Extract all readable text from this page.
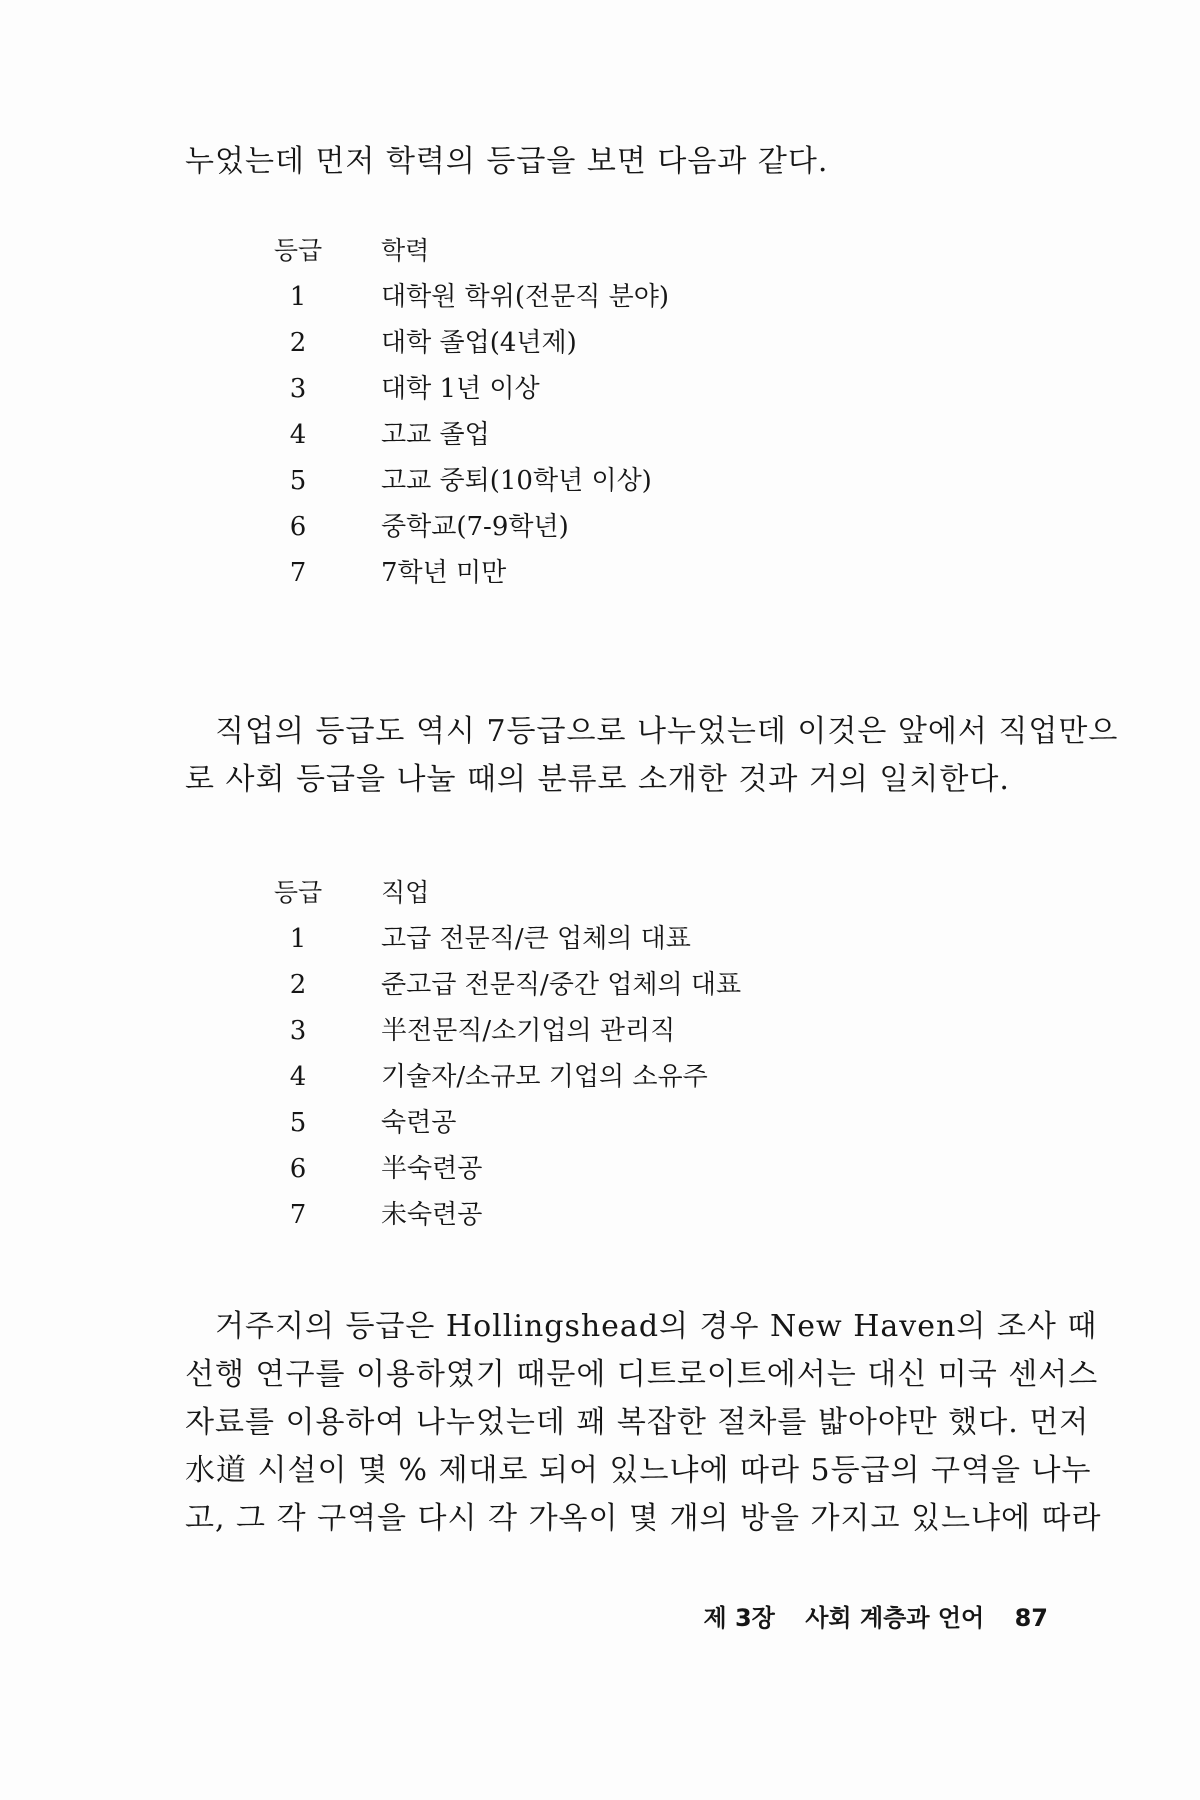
누었는데 먼저 학력의 등급을 보면 다음과 같다.

등급 학력
1	대학원 학위(전문직 분야)
2	대학 졸업(4년제)
3	대학 1년 이상
4	고교 졸업
5	고교 중퇴(10학년 이상)
6	중학교(7-9학년)
7	7학년 미만

직업의 등급도 역시 7등급으로 나누었는데 이것은 앞에서 직업만으
로 사회 등급을 나눌 때의 분류로 소개한 것과 거의 일치한다.

등급 직업
1	고급 전문직/큰 업체의 대표
2	준고급 전문직/중간 업체의 대표
3	半전문직/소기업의 관리직
4	기술자/소규모 기업의 소유주
5	숙련공
6	半숙련공
7	未숙련공

거주지의 등급은 Hollingshead의 경우 New Haven의 조사 때
선행 연구를 이용하였기 때문에 디트로이트에서는 대신 미국 센서스
자료를 이용하여 나누었는데 꽤 복잡한 절차를 밟아야만 했다. 먼저
水道 시설이 몇 % 제대로 되어 있느냐에 따라 5등급의 구역을 나누
고, 그 각 구역을 다시 각 가옥이 몇 개의 방을 가지고 있느냐에 따라

제 3장 사회 계층과 언어 87
